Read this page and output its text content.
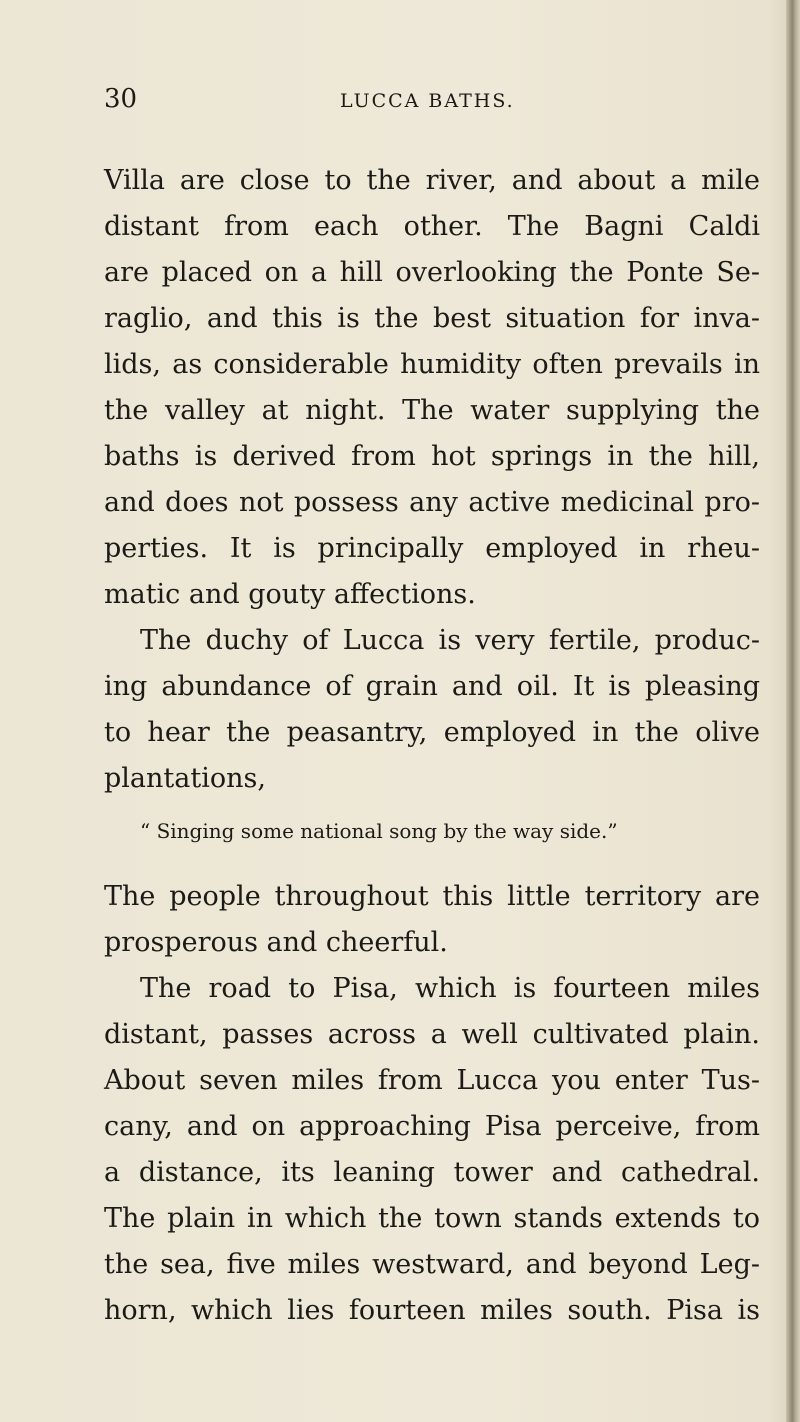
30	LUCCA BATHS.
Villa are close to the river, and about a mile
distant from each other. The Bagni Caldi
are placed on a hill overlooking the Ponte Se-
raglio, and this is the best situation for inva-
lids, as considerable humidity often prevails in
the valley at night. The water supplying the
baths is derived from hot springs in the hill,
and does not possess any active medicinal pro-
perties. It is principally employed in rheu-
matic and gouty affections.
The duchy of Lucca is very fertile, produc-
ing abundance of grain and oil. It is pleasing
to hear the peasantry, employed in the olive
plantations,
“ Singing some national song by the way side.”
The people throughout this little territory are
prosperous and cheerful.
The road to Pisa, which is fourteen miles
distant, passes across a well cultivated plain.
About seven miles from Lucca you enter Tus-
cany, and on approaching Pisa perceive, from
a distance, its leaning tower and cathedral.
The plain in which the town stands extends to
the sea, five miles westward, and beyond Leg-
horn, which lies fourteen miles south. Pisa is
